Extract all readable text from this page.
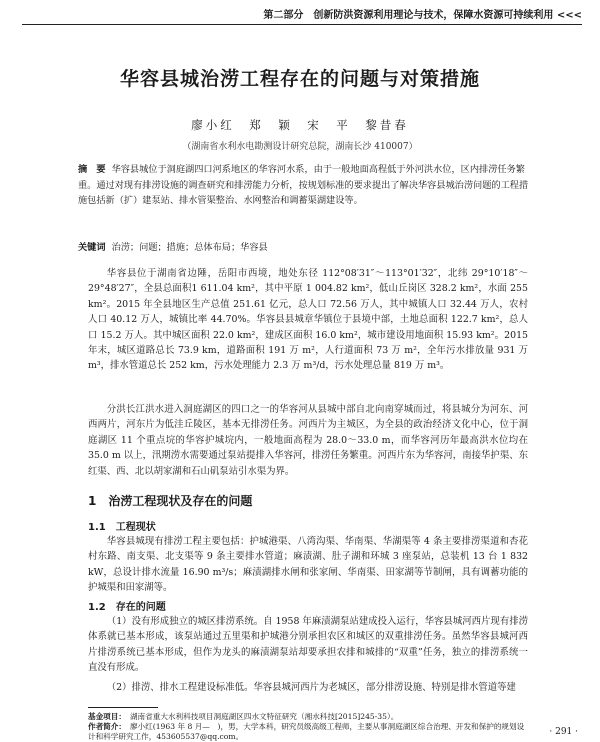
第二部分　创新防洪资源利用理论与技术，保障水资源可持续利用 <<<
华容县城治涝工程存在的问题与对策措施
廖小红　郑　颖　宋　平　黎昔春
（湖南省水利水电勘测设计研究总院，湖南长沙 410007）
摘　要 华容县城位于洞庭湖四口河系地区的华容河水系，由于一般地面高程低于外河洪水位，区内排涝任务繁重。通过对现有排涝设施的调查研究和排涝能力分析，按规划标准的要求提出了解决华容县城治涝问题的工程措施包括新（扩）建泵站、排水管渠整治、水网整治和调蓄渠湖建设等。
关键词 治涝；问题；措施；总体布局；华容县
华容县位于湖南省边陲，岳阳市西境，地处东径 112°08′31″～113°01′32″，北纬 29°10′18″～29°48′27″，全县总面积1 611.04 km²，其中平原 1 004.82 km²，低山丘岗区 328.2 km²，水面 255 km²。2015 年全县地区生产总值 251.61 亿元，总人口 72.56 万人，其中城镇人口 32.44 万人，农村人口 40.12 万人，城镇比率 44.70%。华容县县城章华镇位于县境中部，土地总面积 122.7 km²，总人口 15.2 万人。其中城区面积 22.0 km²，建成区面积 16.0 km²，城市建设用地面积 15.93 km²。2015 年末，城区道路总长 73.9 km，道路面积 191 万 m²，人行道面积 73 万 m²，全年污水排放量 931 万 m³，排水管道总长 252 km，污水处理能力 2.3 万 m³/d，污水处理总量 819 万 m³。
分洪长江洪水进入洞庭湖区的四口之一的华容河从县城中部自北向南穿城而过，将县城分为河东、河西两片，河东片为低洼丘陵区，基本无排涝任务。河西片为主城区，为全县的政治经济文化中心，位于洞庭湖区 11 个重点垸的华容护城垸内，一般地面高程为 28.0～33.0 m，而华容河历年最高洪水位均在 35.0 m 以上，汛期涝水需要通过泵站提排入华容河，排涝任务繁重。河西片东为华容河，南接华护渠、东红渠、西、北以胡家湖和石山矶泵站引水渠为界。
1　治涝工程现状及存在的问题
1.1　工程现状
华容县城现有排涝工程主要包括：护城港渠、八湾沟渠、华南渠、华湖渠等 4 条主要排涝渠道和杏花村东路、南支渠、北支渠等 9 条主要排水管道；麻渍湖、肚子湖和环城 3 座泵站，总装机 13 台 1 832 kW，总设计排水流量 16.90 m³/s；麻渍湖排水闸和张家闸、华南渠、田家湖等节制闸，具有调蓄功能的护城渠和田家湖等。
1.2　存在的问题
（1）没有形成独立的城区排涝系统。自 1958 年麻渍湖泵站建成投入运行，华容县城河西片现有排涝体系就已基本形成，该泵站通过五里渠和护城港分别承担农区和城区的双重排涝任务。虽然华容县城河西片排涝系统已基本形成，但作为龙头的麻渍湖泵站却要承担农排和城排的“双重”任务，独立的排涝系统一直没有形成。
（2）排涝、排水工程建设标准低。华容县城河西片为老城区，部分排涝设施、特别是排水管道等建
基金项目： 湖南省重大水利科技项目洞庭湖区四水文特征研究（湘水科技[2015]245-35）。
作者简介： 廖小红(1963 年 8 月—　)，男，大学本科，研究员级高级工程师，主要从事洞庭湖区综合治理、开发和保护的规划设计和科学研究工作，453605537@qq.com。	· 291 ·
